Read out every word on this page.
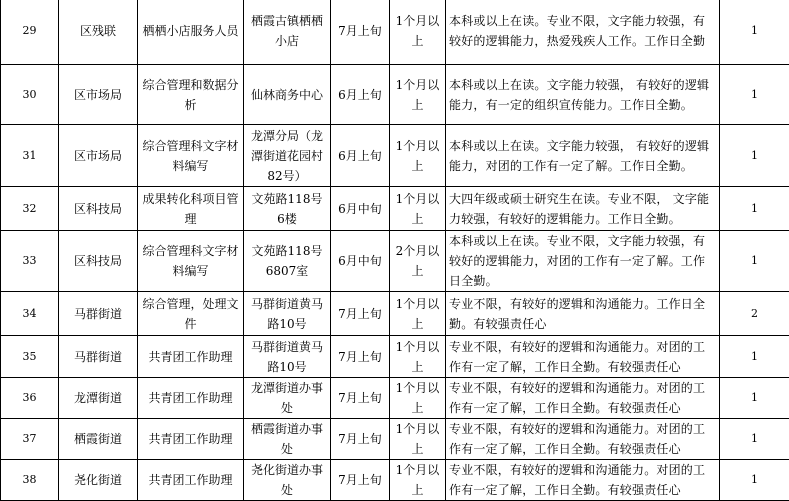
29	区残联	栖栖小店服务人员	栖霞古镇栖栖小店	7月上旬	1个月以上	本科或以上在读。专业不限，文字能力较强，有较好的逻辑能力，热爱残疾人工作。工作日全勤	1
30	区市场局	综合管理和数据分析	仙林商务中心	6月上旬	1个月以上	本科或以上在读。文字能力较强， 有较好的逻辑能力，有一定的组织宣传能力。工作日全勤。	1
31	区市场局	综合管理科文字材料编写	龙潭分局（龙潭街道花园村82号）	6月上旬	1个月以上	本科或以上在读。文字能力较强， 有较好的逻辑能力，对团的工作有一定了解。工作日全勤。	1
32	区科技局	成果转化科项目管理	文苑路118号6楼	6月中旬	1个月以上	大四年级或硕士研究生在读。专业不限， 文字能力较强，有较好的逻辑能力。工作日全勤。	1
33	区科技局	综合管理科文字材料编写	文苑路118号6807室	6月中旬	2个月以上	本科或以上在读。专业不限，文字能力较强，有较好的逻辑能力，对团的工作有一定了解。工作日全勤。	1
34	马群街道	综合管理，处理文件	马群街道黄马路10号	7月上旬	1个月以上	专业不限，有较好的逻辑和沟通能力。工作日全勤。有较强责任心	2
35	马群街道	共青团工作助理	马群街道黄马路10号	7月上旬	1个月以上	专业不限，有较好的逻辑和沟通能力。对团的工作有一定了解，工作日全勤。有较强责任心	1
36	龙潭街道	共青团工作助理	龙潭街道办事处	7月上旬	1个月以上	专业不限，有较好的逻辑和沟通能力。对团的工作有一定了解，工作日全勤。有较强责任心	1
37	栖霞街道	共青团工作助理	栖霞街道办事处	7月上旬	1个月以上	专业不限，有较好的逻辑和沟通能力。对团的工作有一定了解，工作日全勤。有较强责任心	1
38	尧化街道	共青团工作助理	尧化街道办事处	7月上旬	1个月以上	专业不限，有较好的逻辑和沟通能力。对团的工作有一定了解，工作日全勤。有较强责任心	1
